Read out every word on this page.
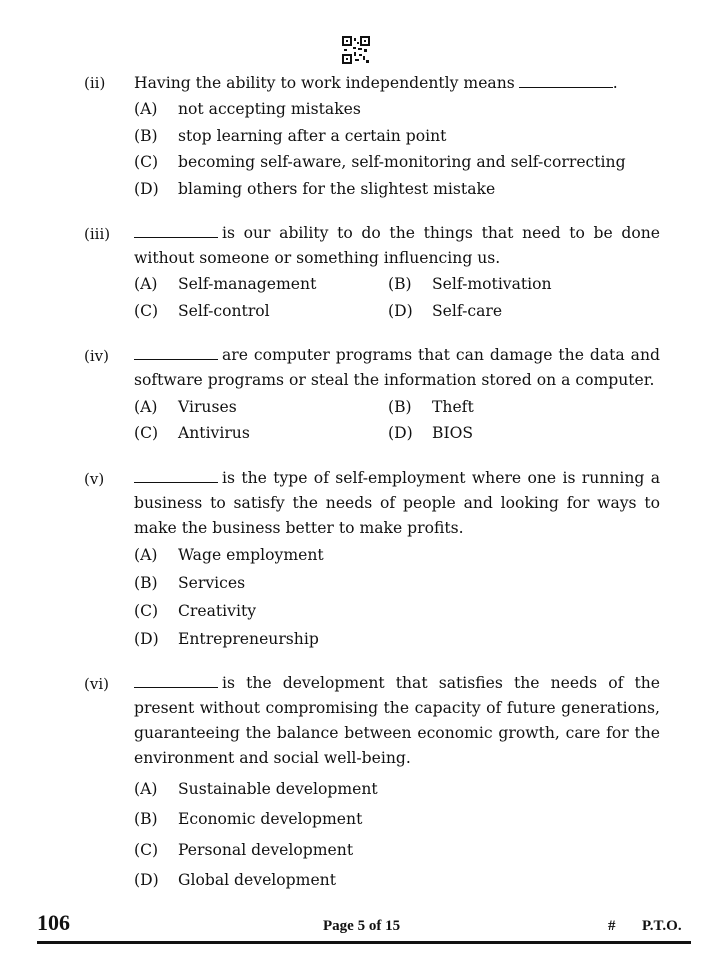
(ii) Having the ability to work independently means	.
(A) not accepting mistakes
(B) stop learning after a certain point
(C) becoming self-aware, self-monitoring and self-correcting
(D) blaming others for the slightest mistake
(iii)	is our ability to do the things that need to be done without someone or something influencing us.
(A) Self-management	(B) Self-motivation
(C) Self-control	(D) Self-care
(iv)	are computer programs that can damage the data and software programs or steal the information stored on a computer.
(A) Viruses	(B) Theft
(C) Antivirus	(D) BIOS
(v)	is the type of self-employment where one is running a business to satisfy the needs of people and looking for ways to make the business better to make profits.
(A) Wage employment
(B) Services
(C) Creativity
(D) Entrepreneurship
(vi)	is the development that satisfies the needs of the present without compromising the capacity of future generations, guaranteeing the balance between economic growth, care for the environment and social well-being.
(A) Sustainable development
(B) Economic development
(C) Personal development
(D) Global development
106	Page 5 of 15	# P.T.O.
